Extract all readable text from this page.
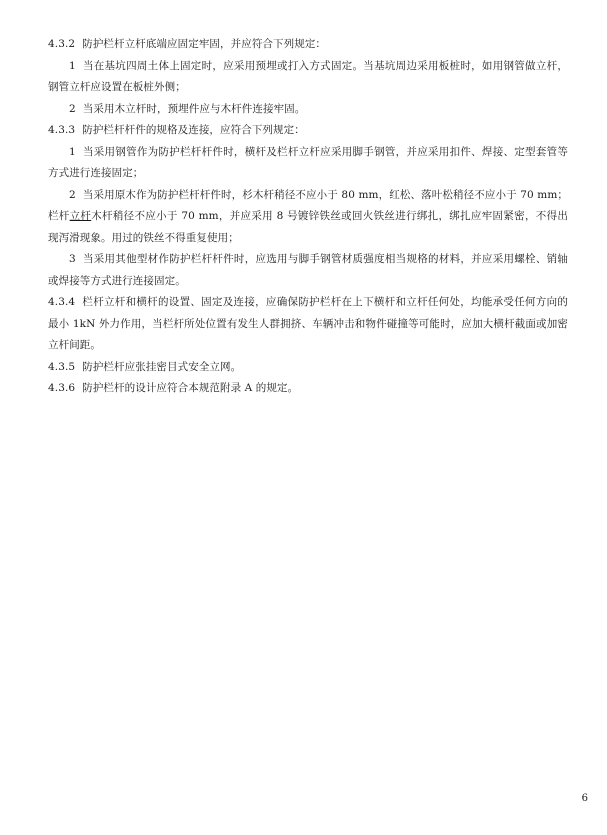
4.3.2 防护栏杆立杆底端应固定牢固，并应符合下列规定：

1 当在基坑四周土体上固定时，应采用预埋或打入方式固定。当基坑周边采用板桩时，如用钢管做立杆，钢管立杆应设置在板桩外侧；

2 当采用木立杆时，预埋件应与木杆件连接牢固。

4.3.3 防护栏杆杆件的规格及连接，应符合下列规定：

1 当采用钢管作为防护栏杆杆件时，横杆及栏杆立杆应采用脚手钢管，并应采用扣件、焊接、定型套管等方式进行连接固定；

2 当采用原木作为防护栏杆杆件时，杉木杆稍径不应小于 80 mm，红松、落叶松稍径不应小于 70 mm；栏杆立杆木杆稍径不应小于 70 mm，并应采用 8 号镀锌铁丝或回火铁丝进行绑扎，绑扎应牢固紧密，不得出现泻滑现象。用过的铁丝不得重复使用；

3 当采用其他型材作防护栏杆杆件时，应选用与脚手钢管材质强度相当规格的材料，并应采用螺栓、销轴或焊接等方式进行连接固定。

4.3.4 栏杆立杆和横杆的设置、固定及连接，应确保防护栏杆在上下横杆和立杆任何处，均能承受任何方向的最小 1kN 外力作用，当栏杆所处位置有发生人群拥挤、车辆冲击和物件碰撞等可能时，应加大横杆截面或加密立杆间距。

4.3.5 防护栏杆应张挂密目式安全立网。

4.3.6 防护栏杆的设计应符合本规范附录 A 的规定。

6
